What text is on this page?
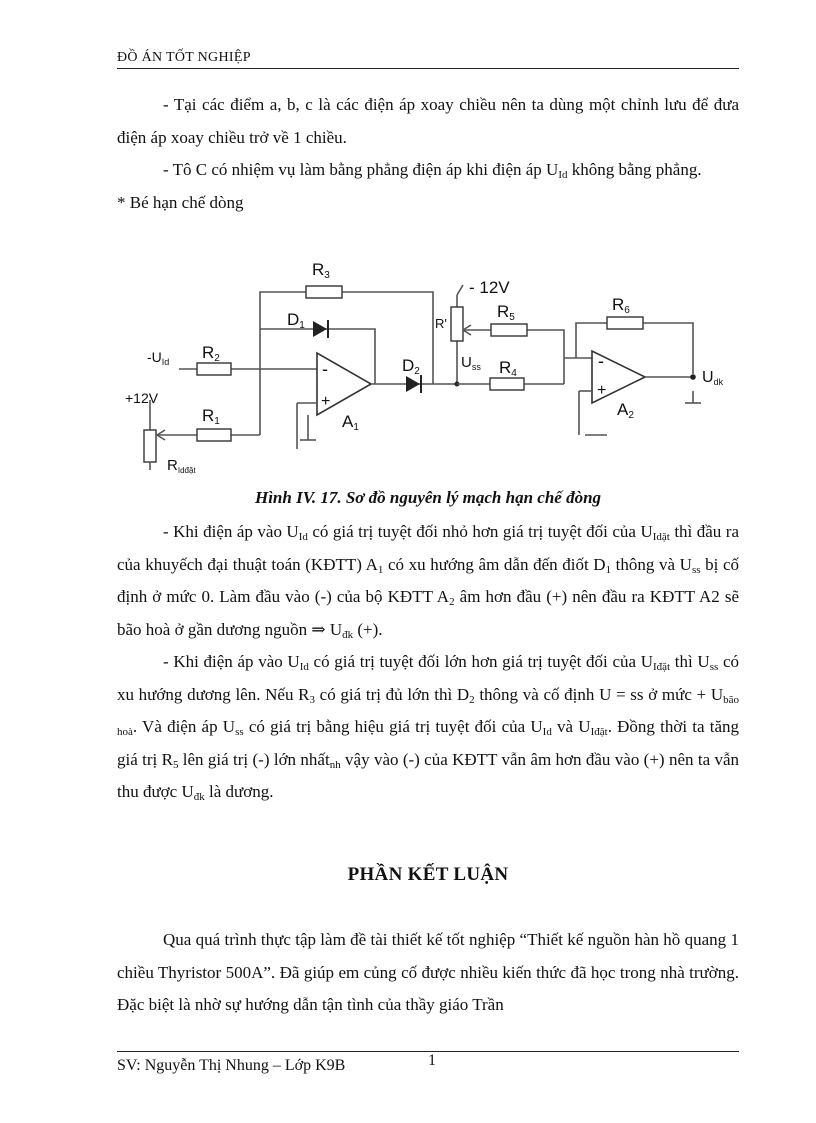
ĐỒ ÁN TỐT NGHIỆP

- Tại các điểm a, b, c là các điện áp xoay chiều nên ta dùng một chỉnh lưu để đưa điện áp xoay chiều trở về 1 chiều.

- Tô C có nhiệm vụ làm bằng phẳng điện áp khi điện áp $U_{Id}$ không bằng phẳng.

* Bé hạn chế dòng

R3
D1
- 12V
R5
R6
R'
$-U_{Id}$ R2	D2
$U_{ss}$ R4	Udk
+12V
R1	A1
A2
$R_{Idđặt}$
-
+
-
+
Hình IV. 17. Sơ đồ nguyên lý mạch hạn chế đòng

- Khi điện áp vào $U_{Id}$ có giá trị tuyệt đối nhỏ hơn giá trị tuyệt đối của $U_{Idặt}$ thì đầu ra của khuyếch đại thuật toán (KĐTT) $A_1$ có xu hướng âm dẫn đến điốt $D_1$ thông và $U_{ss}$ bị cố định ở mức 0. Làm đầu vào (-) của bộ KĐTT $A_2$ âm hơn đầu (+) nên đầu ra KĐTT A2 sẽ bão hoà ở gần dương nguồn ⇒ $U_{đk}$ (+).

- Khi điện áp vào $U_{Id}$ có giá trị tuyệt đối lớn hơn giá trị tuyệt đối của $U_{Iđặt}$ thì $U_{ss}$ có xu hướng dương lên. Nếu $R_3$ có giá trị đủ lớn thì $D_2$ thông và cố định U = ss ở mức + $U_{bão hoà}$. Và điện áp $U_{ss}$ có giá trị bằng hiệu giá trị tuyệt đối của $U_{Id}$ và $U_{Iđặt}$. Đồng thời ta tăng giá trị $R_5$ lên giá trị (-) lớn nhất$_{nh}$ vậy vào (-) của KĐTT vẫn âm hơn đầu vào (+) nên ta vẫn thu được $U_{đk}$ là dương.

PHẦN KẾT LUẬN

Qua quá trình thực tập làm đề tài thiết kế tốt nghiệp “Thiết kế nguồn hàn hồ quang 1 chiều Thyristor 500A”. Đã giúp em củng cố được nhiều kiến thức đã học trong nhà trường. Đặc biệt là nhờ sự hướng dẫn tận tình của thầy giáo Trần

SV: Nguyễn Thị Nhung – Lớp K9B	1
